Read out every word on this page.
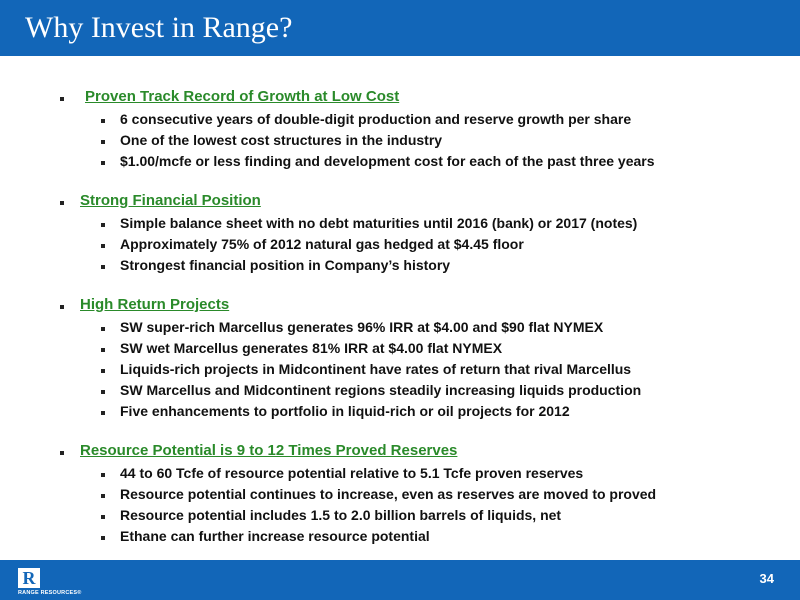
Why Invest in Range?
Proven Track Record of Growth at Low Cost
6 consecutive years of double-digit production and reserve growth per share
One of the lowest cost structures in the industry
$1.00/mcfe or less finding and development cost for each of the past three years
Strong Financial Position
Simple balance sheet with no debt maturities until 2016 (bank) or 2017 (notes)
Approximately 75% of 2012 natural gas hedged at $4.45 floor
Strongest financial position in Company’s history
High Return Projects
SW super-rich Marcellus generates 96% IRR at $4.00 and $90 flat NYMEX
SW wet Marcellus generates 81% IRR at $4.00 flat NYMEX
Liquids-rich projects in Midcontinent have rates of return that rival Marcellus
SW Marcellus and Midcontinent regions steadily increasing liquids production
Five enhancements to portfolio in liquid-rich or oil projects for 2012
Resource Potential is 9 to 12 Times Proved Reserves
44 to 60 Tcfe of resource potential relative to 5.1 Tcfe proven reserves
Resource potential continues to increase, even as reserves are moved to proved
Resource potential includes 1.5 to 2.0 billion barrels of liquids, net
Ethane can further increase resource potential
R
RANGE RESOURCES®
34
